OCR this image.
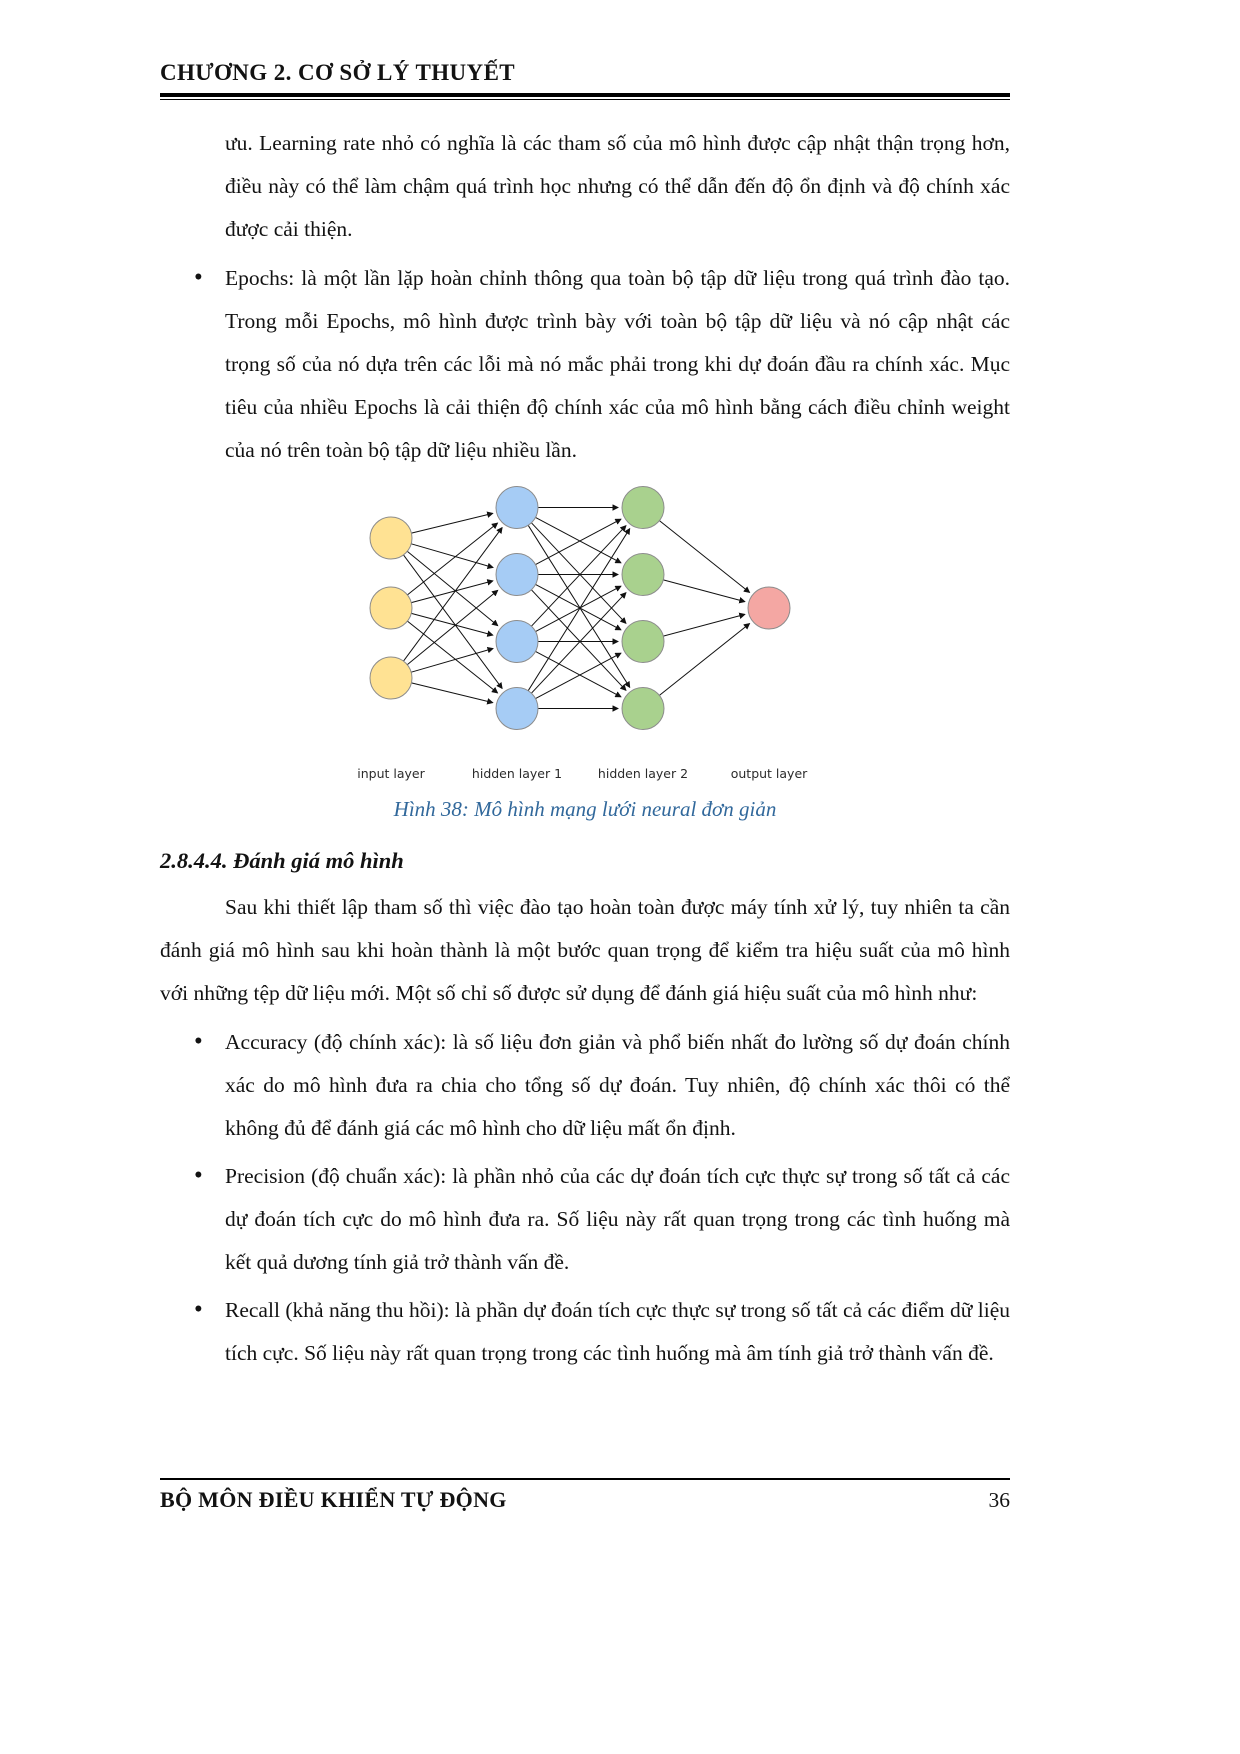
CHƯƠNG 2. CƠ SỞ LÝ THUYẾT

ưu. Learning rate nhỏ có nghĩa là các tham số của mô hình được cập nhật thận trọng hơn, điều này có thể làm chậm quá trình học nhưng có thể dẫn đến độ ổn định và độ chính xác được cải thiện.

• Epochs: là một lần lặp hoàn chỉnh thông qua toàn bộ tập dữ liệu trong quá trình đào tạo. Trong mỗi Epochs, mô hình được trình bày với toàn bộ tập dữ liệu và nó cập nhật các trọng số của nó dựa trên các lỗi mà nó mắc phải trong khi dự đoán đầu ra chính xác. Mục tiêu của nhiều Epochs là cải thiện độ chính xác của mô hình bằng cách điều chỉnh weight của nó trên toàn bộ tập dữ liệu nhiều lần.
input layer	hidden layer 1	hidden layer 2	output layer
Hình 38: Mô hình mạng lưới neural đơn giản
2.8.4.4. Đánh giá mô hình

Sau khi thiết lập tham số thì việc đào tạo hoàn toàn được máy tính xử lý, tuy nhiên ta cần đánh giá mô hình sau khi hoàn thành là một bước quan trọng để kiểm tra hiệu suất của mô hình với những tệp dữ liệu mới. Một số chỉ số được sử dụng để đánh giá hiệu suất của mô hình như:

• Accuracy (độ chính xác): là số liệu đơn giản và phổ biến nhất đo lường số dự đoán chính xác do mô hình đưa ra chia cho tổng số dự đoán. Tuy nhiên, độ chính xác thôi có thể không đủ để đánh giá các mô hình cho dữ liệu mất ổn định.
• Precision (độ chuẩn xác): là phần nhỏ của các dự đoán tích cực thực sự trong số tất cả các dự đoán tích cực do mô hình đưa ra. Số liệu này rất quan trọng trong các tình huống mà kết quả dương tính giả trở thành vấn đề.
• Recall (khả năng thu hồi): là phần dự đoán tích cực thực sự trong số tất cả các điểm dữ liệu tích cực. Số liệu này rất quan trọng trong các tình huống mà âm tính giả trở thành vấn đề.
BỘ MÔN ĐIỀU KHIỂN TỰ ĐỘNG	36
